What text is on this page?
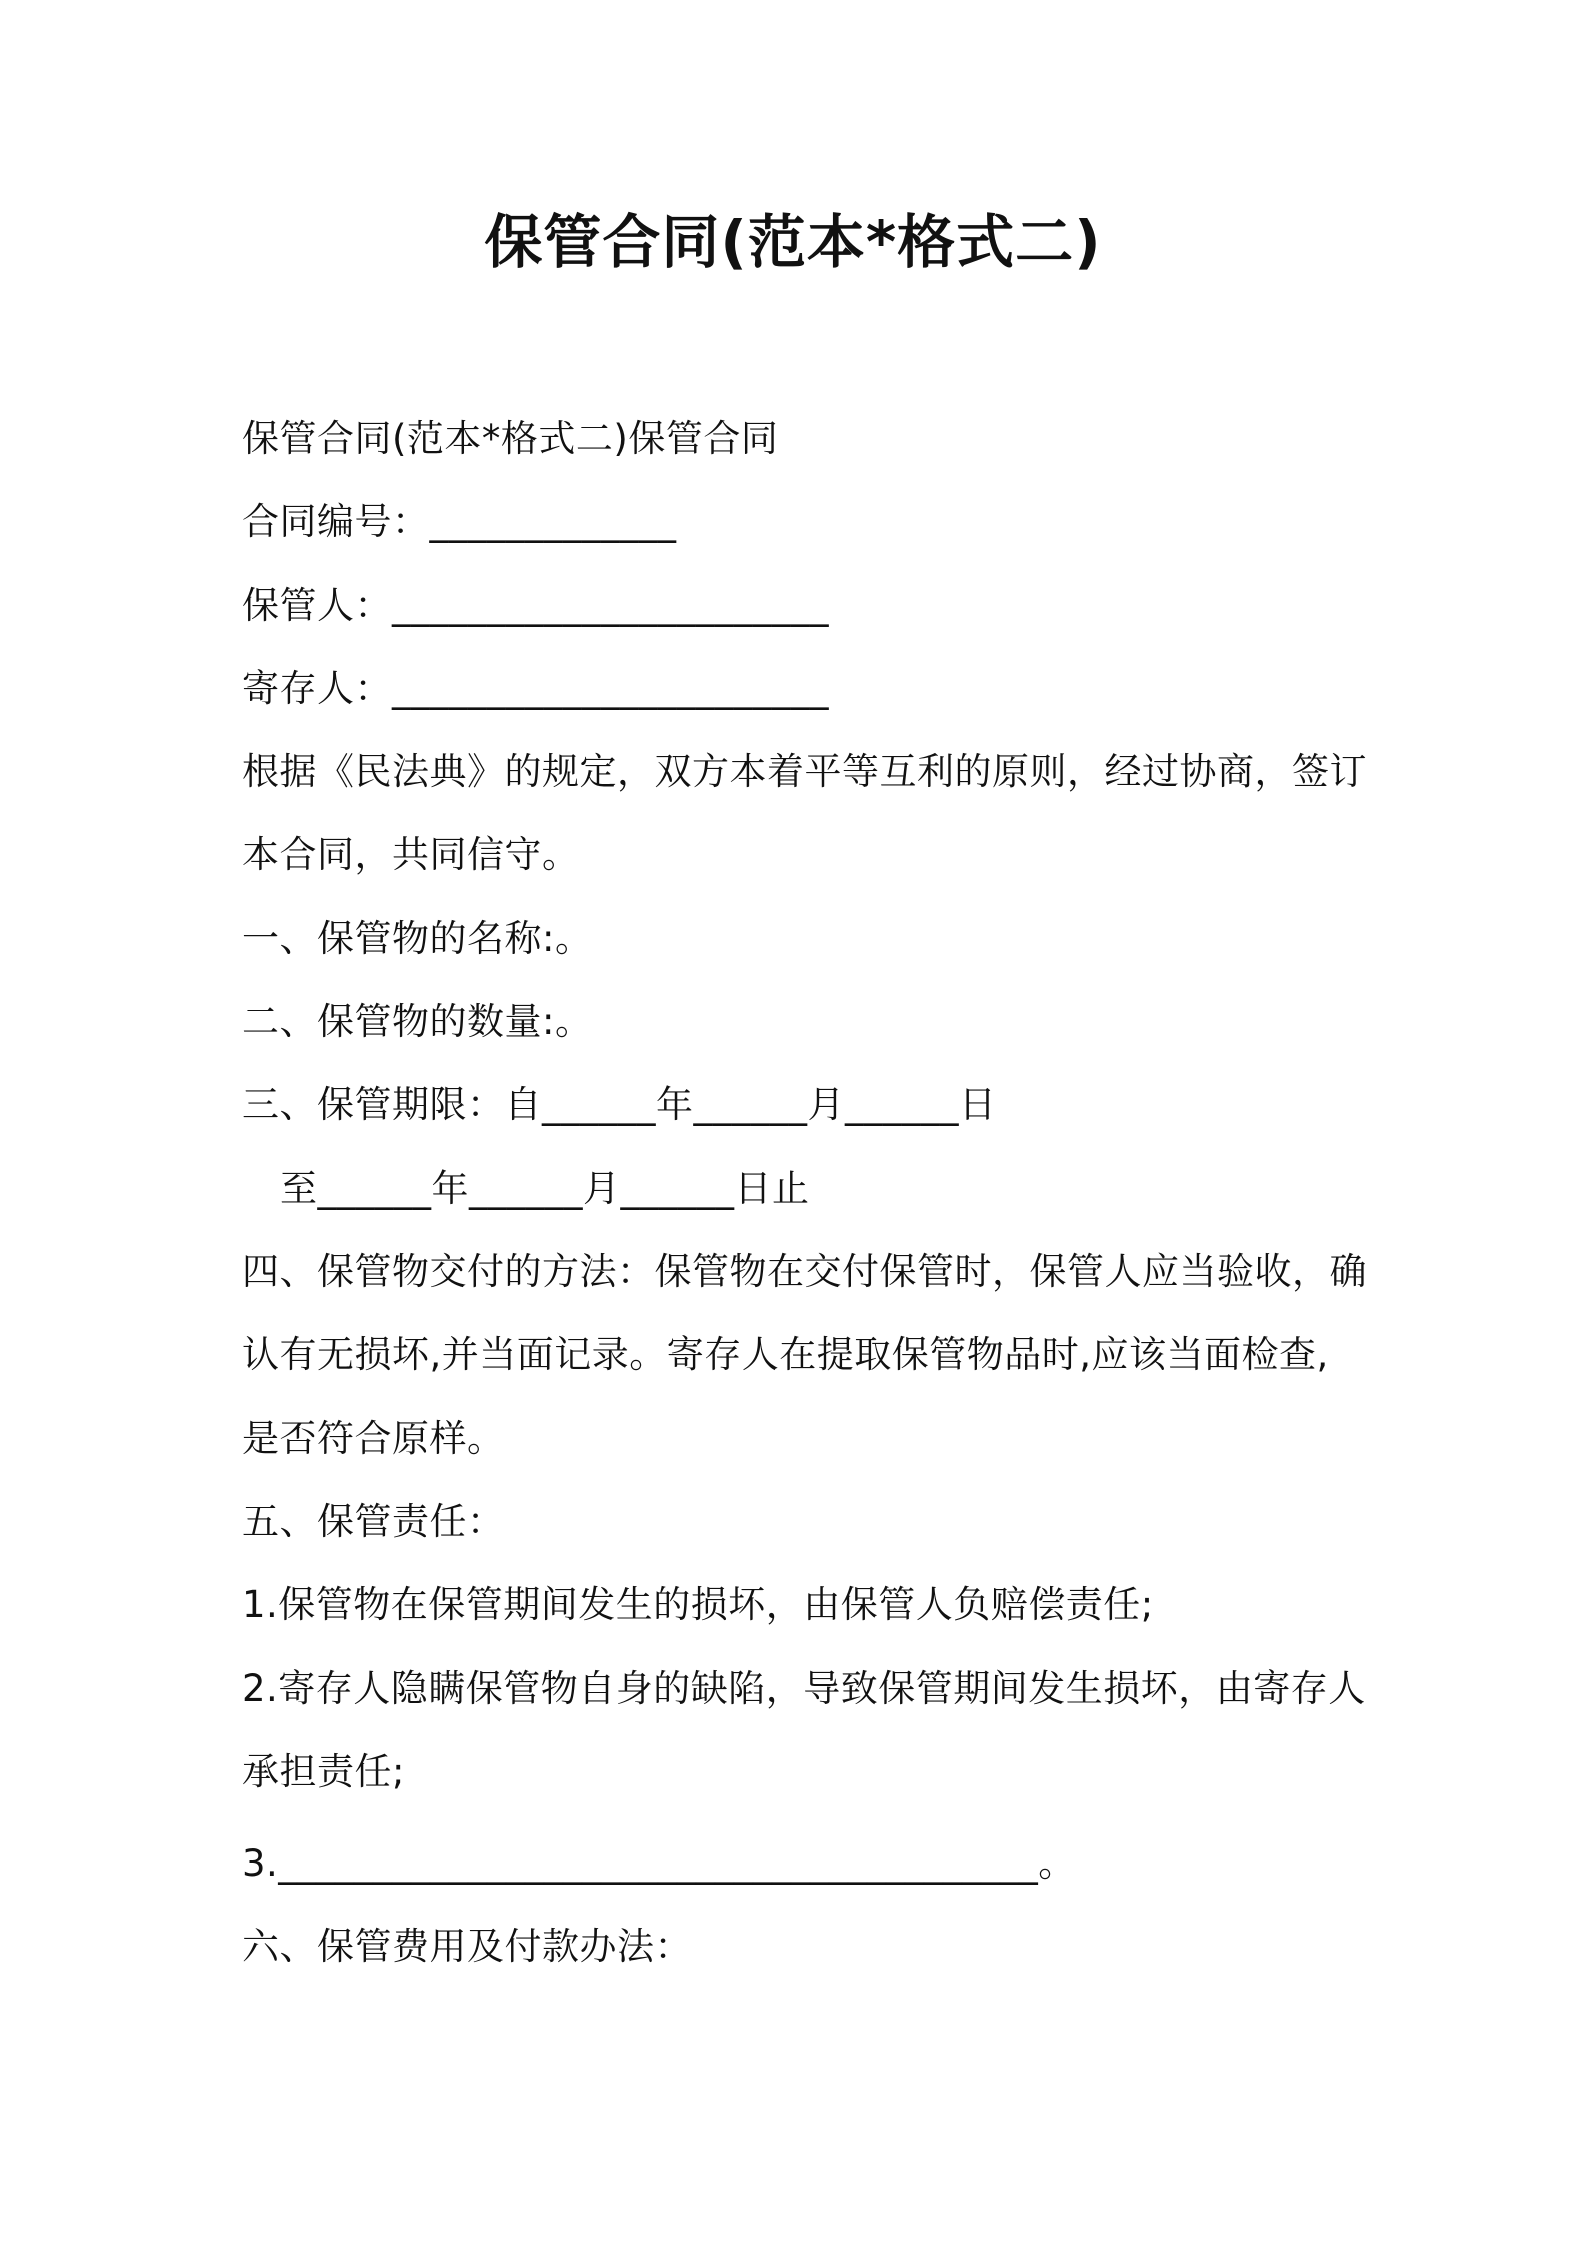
保管合同(范本*格式二)
保管合同(范本*格式二)保管合同
合同编号：_____________
保管人：_______________________
寄存人：_______________________
根据《民法典》的规定，双方本着平等互利的原则，经过协商，签订
本合同，共同信守。
一、保管物的名称:。
二、保管物的数量:。
三、保管期限：自______年______月______日
至______年______月______日止
四、保管物交付的方法：保管物在交付保管时，保管人应当验收，确
认有无损坏,并当面记录。寄存人在提取保管物品时,应该当面检查,
是否符合原样。
五、保管责任：
1.保管物在保管期间发生的损坏，由保管人负赔偿责任;
2.寄存人隐瞒保管物自身的缺陷，导致保管期间发生损坏，由寄存人
承担责任;
3.________________________________________。
六、保管费用及付款办法：
